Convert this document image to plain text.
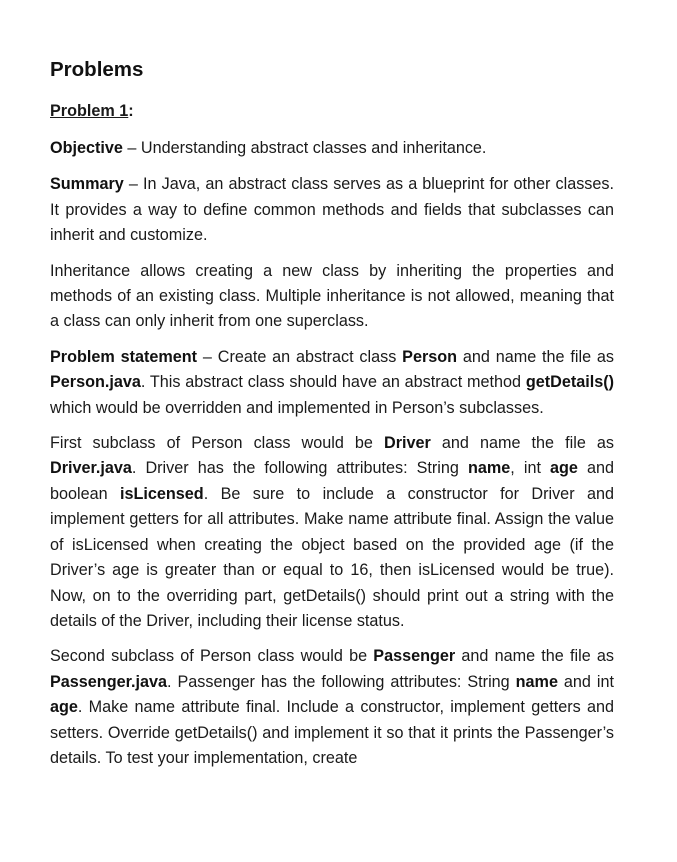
Problems
Problem 1:

Objective – Understanding abstract classes and inheritance.

Summary – In Java, an abstract class serves as a blueprint for other classes. It provides a way to define common methods and fields that subclasses can inherit and customize.

Inheritance allows creating a new class by inheriting the properties and methods of an existing class. Multiple inheritance is not allowed, meaning that a class can only inherit from one superclass.

Problem statement – Create an abstract class Person and name the file as Person.java. This abstract class should have an abstract method getDetails() which would be overridden and implemented in Person’s subclasses.

First subclass of Person class would be Driver and name the file as Driver.java. Driver has the following attributes: String name, int age and boolean isLicensed. Be sure to include a constructor for Driver and implement getters for all attributes. Make name attribute final. Assign the value of isLicensed when creating the object based on the provided age (if the Driver’s age is greater than or equal to 16, then isLicensed would be true). Now, on to the overriding part, getDetails() should print out a string with the details of the Driver, including their license status.

Second subclass of Person class would be Passenger and name the file as Passenger.java. Passenger has the following attributes: String name and int age. Make name attribute final. Include a constructor, implement getters and setters. Override getDetails() and implement it so that it prints the Passenger’s details. To test your implementation, create
